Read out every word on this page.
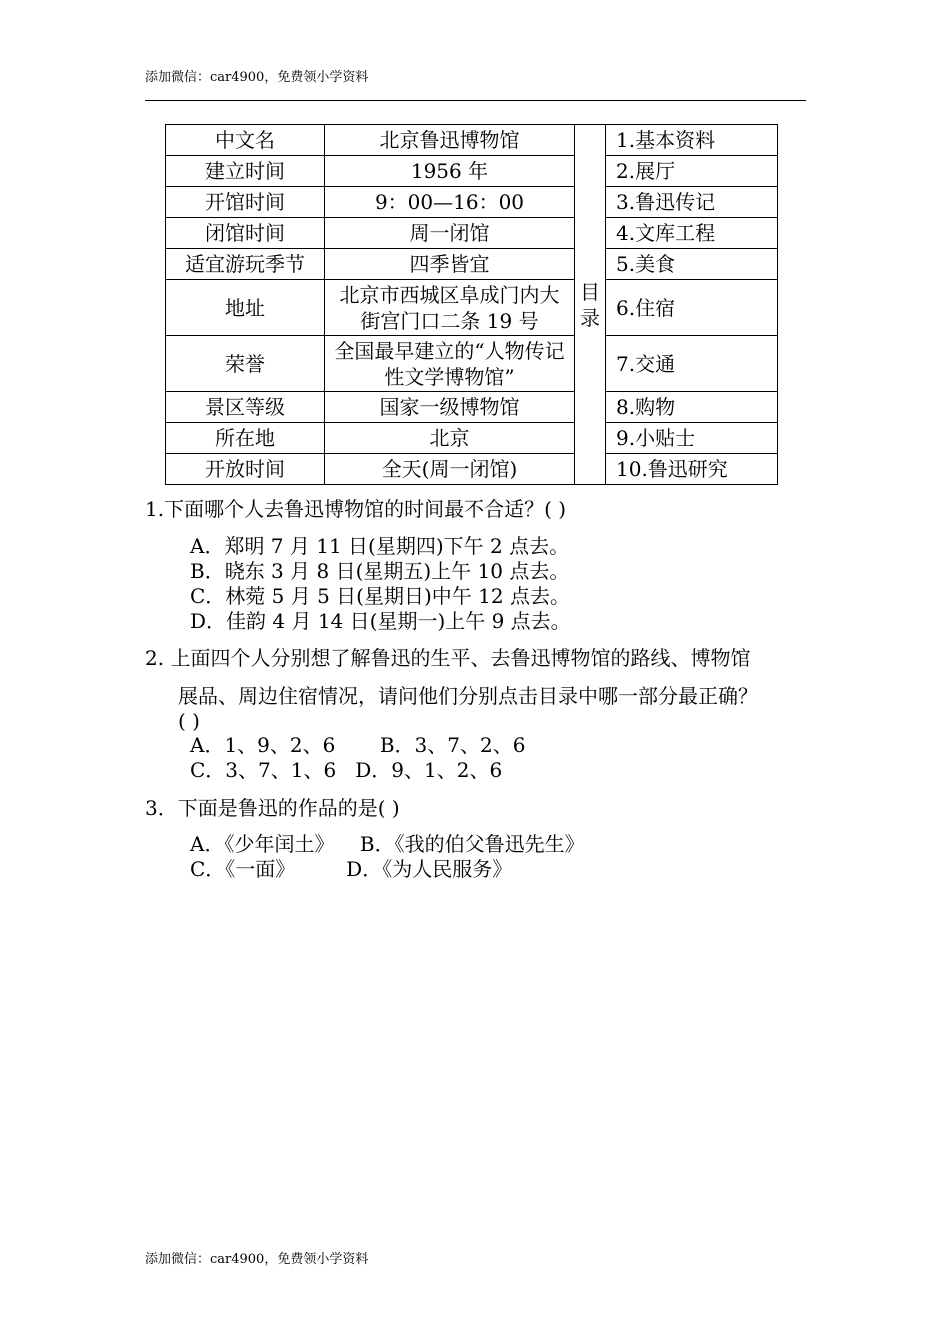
添加微信：car4900，免费领小学资料
中文名	北京鲁迅博物馆	目录	1.基本资料
建立时间	1956 年		2.展厅
开馆时间	9：00—16：00		3.鲁迅传记
闭馆时间	周一闭馆		4.文库工程
适宜游玩季节	四季皆宜		5.美食
地址	北京市西城区阜成门内大街宫门口二条 19 号		6.住宿
荣誉	全国最早建立的“人物传记性文学博物馆”		7.交通
景区等级	国家一级博物馆		8.购物
所在地	北京		9.小贴士
开放时间	全天(周一闭馆)		10.鲁迅研究
1.下面哪个人去鲁迅博物馆的时间最不合适？( )
A．郑明 7 月 11 日(星期四)下午 2 点去。
B．晓东 3 月 8 日(星期五)上午 10 点去。
C．林菀 5 月 5 日(星期日)中午 12 点去。
D．佳韵 4 月 14 日(星期一)上午 9 点去。
2. 上面四个人分别想了解鲁迅的生平、去鲁迅博物馆的路线、博物馆
展品、周边住宿情况，请问他们分别点击目录中哪一部分最正确？
( )
A．1、9、2、6       B．3、7、2、6
C．3、7、1、6   D．9、1、2、6
3．下面是鲁迅的作品的是( )
A．《少年闰土》    B．《我的伯父鲁迅先生》
C．《一面》        D．《为人民服务》
添加微信：car4900，免费领小学资料
